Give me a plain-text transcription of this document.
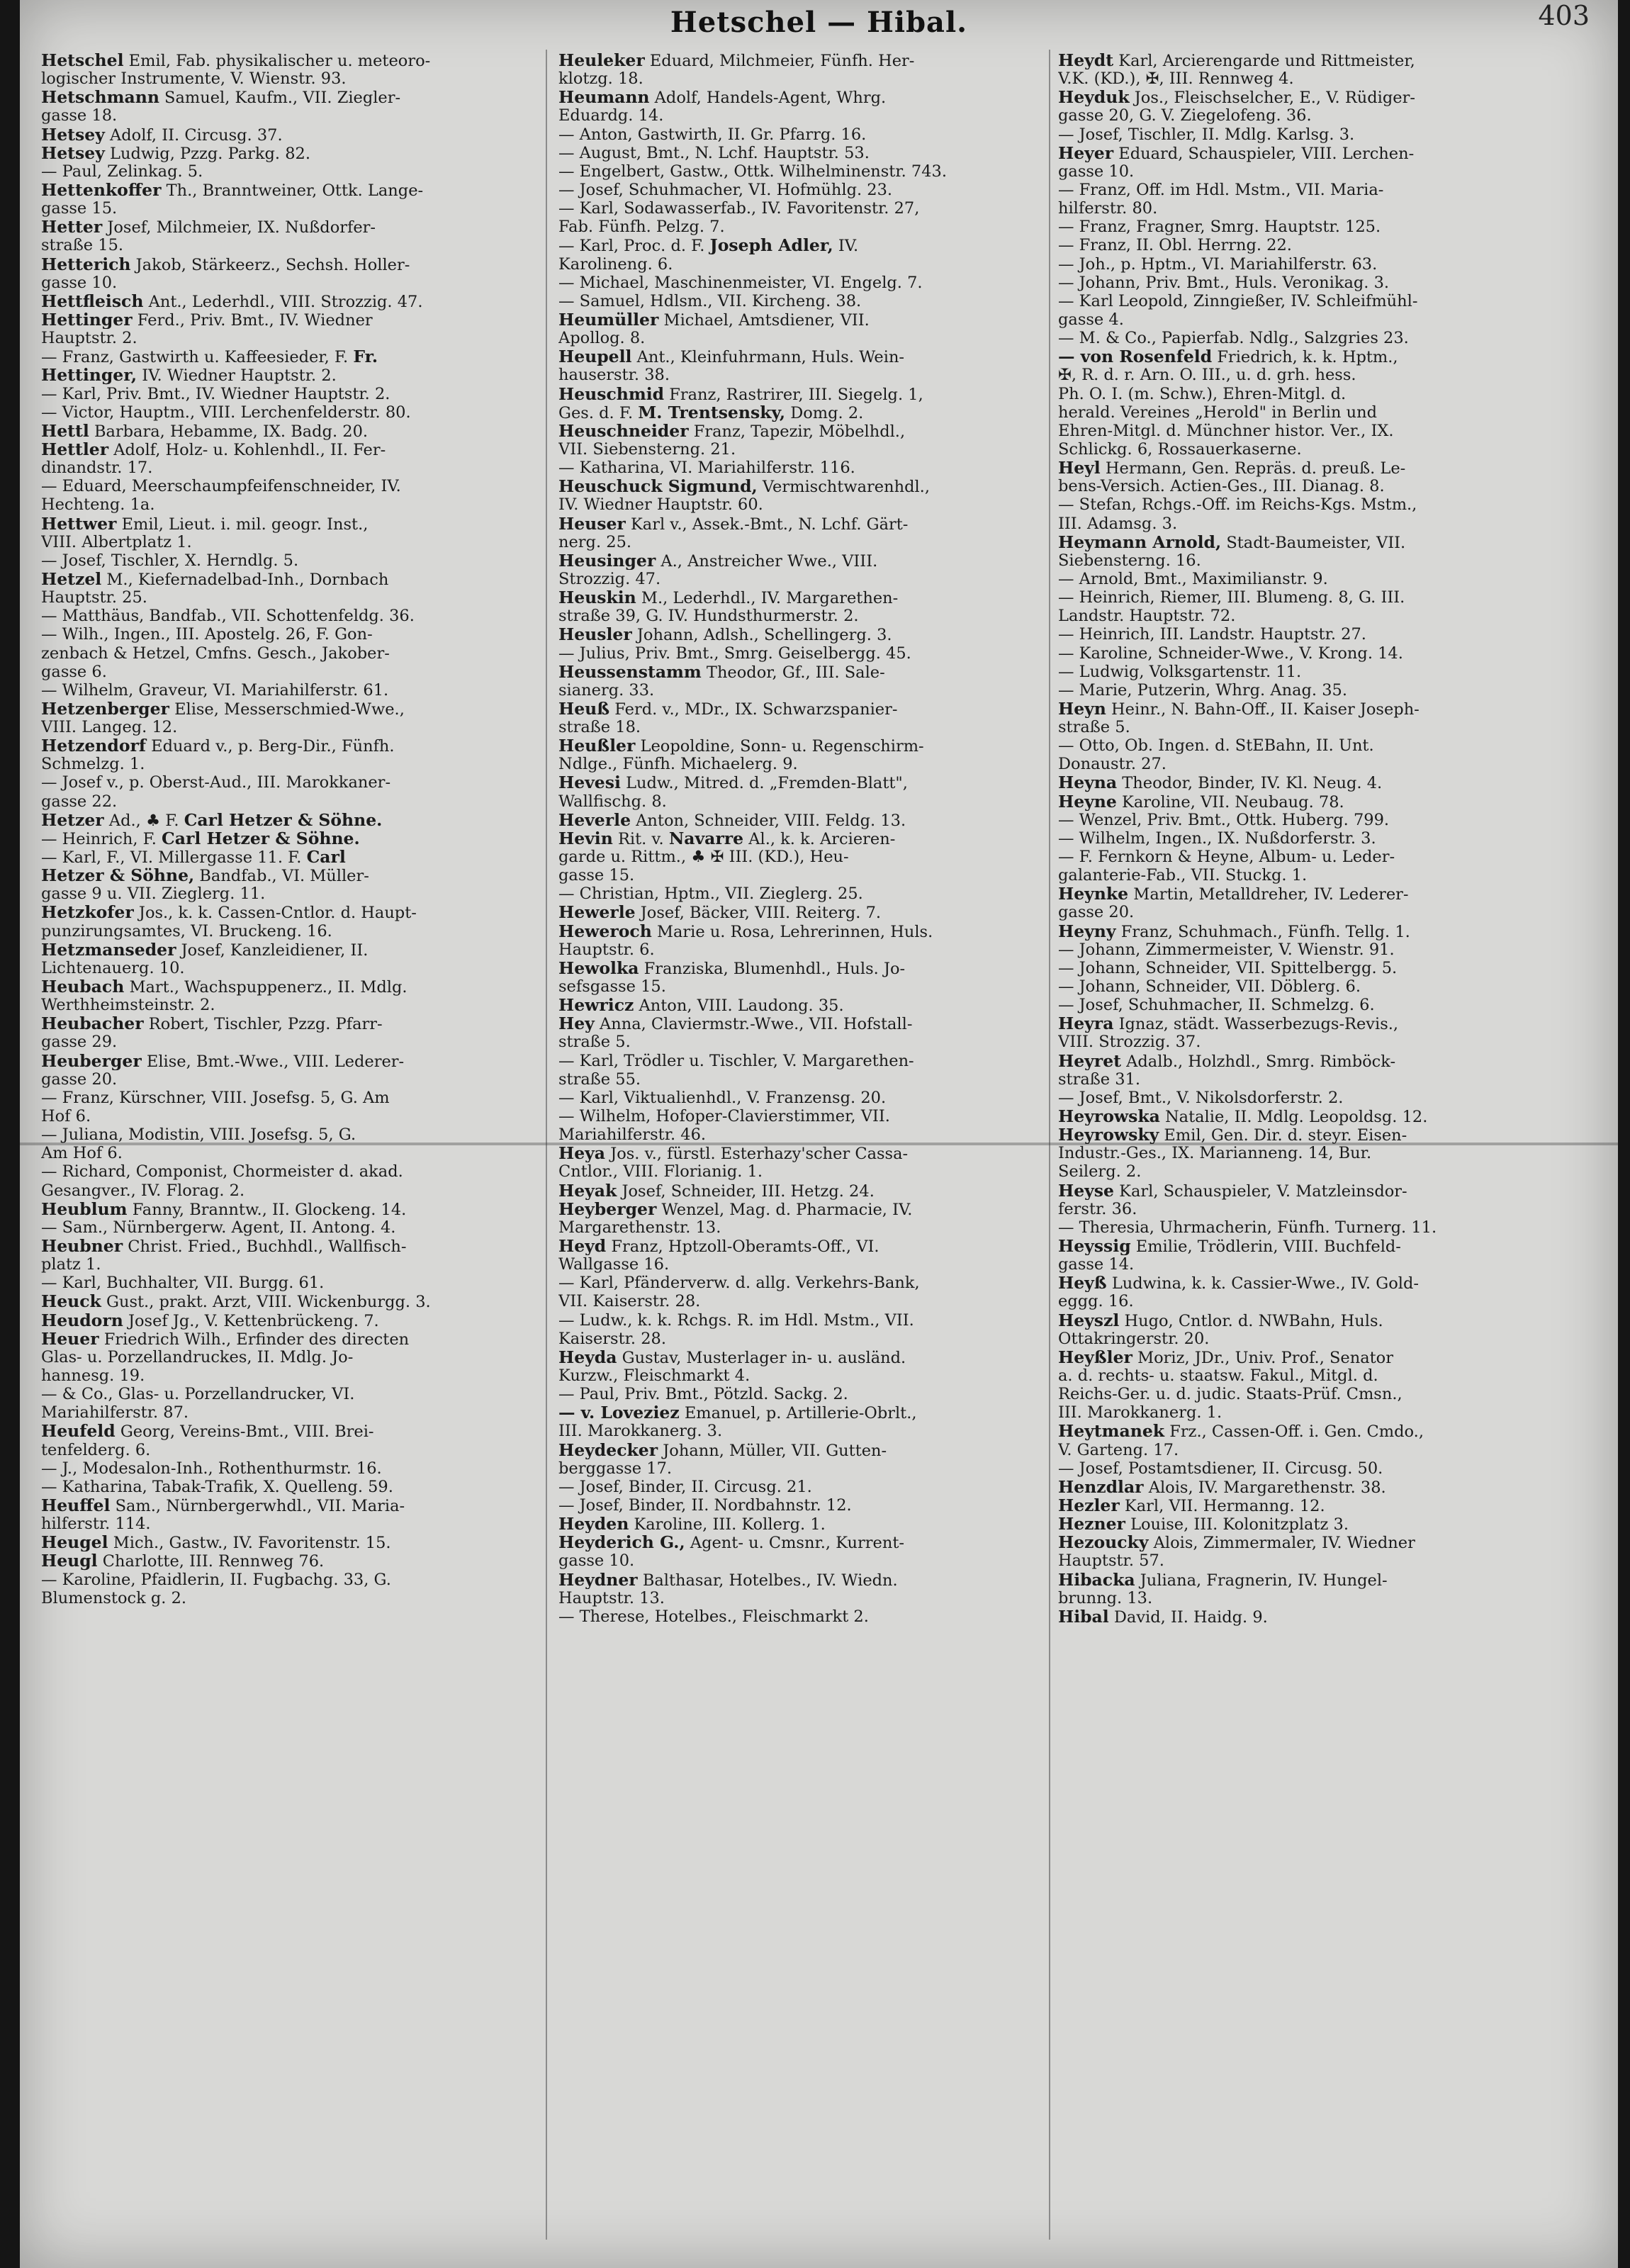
Hetschel — Hibal.	403

Hetschel Emil, Fab. physikalischer u. meteoro-

logischer Instrumente, V. Wienstr. 93.

Hetschmann Samuel, Kaufm., VII. Ziegler-

gasse 18.

Hetsey Adolf, II. Circusg. 37.

Hetsey Ludwig, Pzzg. Parkg. 82.

— Paul, Zelinkag. 5.

Hettenkoffer Th., Branntweiner, Ottk. Lange-

gasse 15.

Hetter Josef, Milchmeier, IX. Nußdorfer-

straße 15.

Hetterich Jakob, Stärkeerz., Sechsh. Holler-

gasse 10.

Hettfleisch Ant., Lederhdl., VIII. Strozzig. 47.

Hettinger Ferd., Priv. Bmt., IV. Wiedner

Hauptstr. 2.

— Franz, Gastwirth u. Kaffeesieder, F. Fr.

Hettinger, IV. Wiedner Hauptstr. 2.

— Karl, Priv. Bmt., IV. Wiedner Hauptstr. 2.

— Victor, Hauptm., VIII. Lerchenfelderstr. 80.

Hettl Barbara, Hebamme, IX. Badg. 20.

Hettler Adolf, Holz- u. Kohlenhdl., II. Fer-

dinandstr. 17.

— Eduard, Meerschaumpfeifenschneider, IV.

Hechteng. 1a.

Hettwer Emil, Lieut. i. mil. geogr. Inst.,

VIII. Albertplatz 1.

— Josef, Tischler, X. Herndlg. 5.

Hetzel M., Kiefernadelbad-Inh., Dornbach

Hauptstr. 25.

— Matthäus, Bandfab., VII. Schottenfeldg. 36.

— Wilh., Ingen., III. Apostelg. 26, F. Gon-

zenbach & Hetzel, Cmfns. Gesch., Jakober-

gasse 6.

— Wilhelm, Graveur, VI. Mariahilferstr. 61.

Hetzenberger Elise, Messerschmied-Wwe.,

VIII. Langeg. 12.

Hetzendorf Eduard v., p. Berg-Dir., Fünfh.

Schmelzg. 1.

— Josef v., p. Oberst-Aud., III. Marokkaner-

gasse 22.

Hetzer Ad., ♣ F. Carl Hetzer & Söhne.

— Heinrich, F. Carl Hetzer & Söhne.

— Karl, F., VI. Millergasse 11. F. Carl

Hetzer & Söhne, Bandfab., VI. Müller-

gasse 9 u. VII. Zieglerg. 11.

Hetzkofer Jos., k. k. Cassen-Cntlor. d. Haupt-

punzirungsamtes, VI. Bruckeng. 16.

Hetzmanseder Josef, Kanzleidiener, II.

Lichtenauerg. 10.

Heubach Mart., Wachspuppenerz., II. Mdlg.

Werthheimsteinstr. 2.

Heubacher Robert, Tischler, Pzzg. Pfarr-

gasse 29.

Heuberger Elise, Bmt.-Wwe., VIII. Lederer-

gasse 20.

— Franz, Kürschner, VIII. Josefsg. 5, G. Am

Hof 6.

— Juliana, Modistin, VIII. Josefsg. 5, G.

Am Hof 6.

— Richard, Componist, Chormeister d. akad.

Gesangver., IV. Florag. 2.

Heublum Fanny, Branntw., II. Glockeng. 14.

— Sam., Nürnbergerw. Agent, II. Antong. 4.

Heubner Christ. Fried., Buchhdl., Wallfisch-

platz 1.

— Karl, Buchhalter, VII. Burgg. 61.

Heuck Gust., prakt. Arzt, VIII. Wickenburgg. 3.

Heudorn Josef Jg., V. Kettenbrückeng. 7.

Heuer Friedrich Wilh., Erfinder des directen

Glas- u. Porzellandruckes, II. Mdlg. Jo-

hannesg. 19.

— & Co., Glas- u. Porzellandrucker, VI.

Mariahilferstr. 87.

Heufeld Georg, Vereins-Bmt., VIII. Brei-

tenfelderg. 6.

— J., Modesalon-Inh., Rothenthurmstr. 16.

— Katharina, Tabak-Trafik, X. Quelleng. 59.

Heuffel Sam., Nürnbergerwhdl., VII. Maria-

hilferstr. 114.

Heugel Mich., Gastw., IV. Favoritenstr. 15.

Heugl Charlotte, III. Rennweg 76.

— Karoline, Pfaidlerin, II. Fugbachg. 33, G.

Blumenstock g. 2.

Heuleker Eduard, Milchmeier, Fünfh. Her-

klotzg. 18.

Heumann Adolf, Handels-Agent, Whrg.

Eduardg. 14.

— Anton, Gastwirth, II. Gr. Pfarrg. 16.

— August, Bmt., N. Lchf. Hauptstr. 53.

— Engelbert, Gastw., Ottk. Wilhelminenstr. 743.

— Josef, Schuhmacher, VI. Hofmühlg. 23.

— Karl, Sodawasserfab., IV. Favoritenstr. 27,

Fab. Fünfh. Pelzg. 7.

— Karl, Proc. d. F. Joseph Adler, IV.

Karolineng. 6.

— Michael, Maschinenmeister, VI. Engelg. 7.

— Samuel, Hdlsm., VII. Kircheng. 38.

Heumüller Michael, Amtsdiener, VII.

Apollog. 8.

Heupell Ant., Kleinfuhrmann, Huls. Wein-

hauserstr. 38.

Heuschmid Franz, Rastrirer, III. Siegelg. 1,

Ges. d. F. M. Trentsensky, Domg. 2.

Heuschneider Franz, Tapezir, Möbelhdl.,

VII. Siebensterng. 21.

— Katharina, VI. Mariahilferstr. 116.

Heuschuck Sigmund, Vermischtwarenhdl.,

IV. Wiedner Hauptstr. 60.

Heuser Karl v., Assek.-Bmt., N. Lchf. Gärt-

nerg. 25.

Heusinger A., Anstreicher Wwe., VIII.

Strozzig. 47.

Heuskin M., Lederhdl., IV. Margarethen-

straße 39, G. IV. Hundsthurmerstr. 2.

Heusler Johann, Adlsh., Schellingerg. 3.

— Julius, Priv. Bmt., Smrg. Geiselbergg. 45.

Heussenstamm Theodor, Gf., III. Sale-

sianerg. 33.

Heuß Ferd. v., MDr., IX. Schwarzspanier-

straße 18.

Heußler Leopoldine, Sonn- u. Regenschirm-

Ndlge., Fünfh. Michaelerg. 9.

Hevesi Ludw., Mitred. d. „Fremden-Blatt",

Wallfischg. 8.

Heverle Anton, Schneider, VIII. Feldg. 13.

Hevin Rit. v. Navarre Al., k. k. Arcieren-

garde u. Rittm., ♣ ✠ III. (KD.), Heu-

gasse 15.

— Christian, Hptm., VII. Zieglerg. 25.

Hewerle Josef, Bäcker, VIII. Reiterg. 7.

Heweroch Marie u. Rosa, Lehrerinnen, Huls.

Hauptstr. 6.

Hewolka Franziska, Blumenhdl., Huls. Jo-

sefsgasse 15.

Hewricz Anton, VIII. Laudong. 35.

Hey Anna, Claviermstr.-Wwe., VII. Hofstall-

straße 5.

— Karl, Trödler u. Tischler, V. Margarethen-

straße 55.

— Karl, Viktualienhdl., V. Franzensg. 20.

— Wilhelm, Hofoper-Clavierstimmer, VII.

Mariahilferstr. 46.

Heya Jos. v., fürstl. Esterhazy'scher Cassa-

Cntlor., VIII. Florianig. 1.

Heyak Josef, Schneider, III. Hetzg. 24.

Heyberger Wenzel, Mag. d. Pharmacie, IV.

Margarethenstr. 13.

Heyd Franz, Hptzoll-Oberamts-Off., VI.

Wallgasse 16.

— Karl, Pfänderverw. d. allg. Verkehrs-Bank,

VII. Kaiserstr. 28.

— Ludw., k. k. Rchgs. R. im Hdl. Mstm., VII.

Kaiserstr. 28.

Heyda Gustav, Musterlager in- u. ausländ.

Kurzw., Fleischmarkt 4.

— Paul, Priv. Bmt., Pötzld. Sackg. 2.

— v. Loveziez Emanuel, p. Artillerie-Obrlt.,

III. Marokkanerg. 3.

Heydecker Johann, Müller, VII. Gutten-

berggasse 17.

— Josef, Binder, II. Circusg. 21.

— Josef, Binder, II. Nordbahnstr. 12.

Heyden Karoline, III. Kollerg. 1.

Heyderich G., Agent- u. Cmsnr., Kurrent-

gasse 10.

Heydner Balthasar, Hotelbes., IV. Wiedn.

Hauptstr. 13.

— Therese, Hotelbes., Fleischmarkt 2.

Heydt Karl, Arcierengarde und Rittmeister,

V.K. (KD.), ✠, III. Rennweg 4.

Heyduk Jos., Fleischselcher, E., V. Rüdiger-

gasse 20, G. V. Ziegelofeng. 36.

— Josef, Tischler, II. Mdlg. Karlsg. 3.

Heyer Eduard, Schauspieler, VIII. Lerchen-

gasse 10.

— Franz, Off. im Hdl. Mstm., VII. Maria-

hilferstr. 80.

— Franz, Fragner, Smrg. Hauptstr. 125.

— Franz, II. Obl. Herrng. 22.

— Joh., p. Hptm., VI. Mariahilferstr. 63.

— Johann, Priv. Bmt., Huls. Veronikag. 3.

— Karl Leopold, Zinngießer, IV. Schleifmühl-

gasse 4.

— M. & Co., Papierfab. Ndlg., Salzgries 23.

— von Rosenfeld Friedrich, k. k. Hptm.,

✠, R. d. r. Arn. O. III., u. d. grh. hess.

Ph. O. I. (m. Schw.), Ehren-Mitgl. d.

herald. Vereines „Herold" in Berlin und

Ehren-Mitgl. d. Münchner histor. Ver., IX.

Schlickg. 6, Rossauerkaserne.

Heyl Hermann, Gen. Repräs. d. preuß. Le-

bens-Versich. Actien-Ges., III. Dianag. 8.

— Stefan, Rchgs.-Off. im Reichs-Kgs. Mstm.,

III. Adamsg. 3.

Heymann Arnold, Stadt-Baumeister, VII.

Siebensterng. 16.

— Arnold, Bmt., Maximilianstr. 9.

— Heinrich, Riemer, III. Blumeng. 8, G. III.

Landstr. Hauptstr. 72.

— Heinrich, III. Landstr. Hauptstr. 27.

— Karoline, Schneider-Wwe., V. Krong. 14.

— Ludwig, Volksgartenstr. 11.

— Marie, Putzerin, Whrg. Anag. 35.

Heyn Heinr., N. Bahn-Off., II. Kaiser Joseph-

straße 5.

— Otto, Ob. Ingen. d. StEBahn, II. Unt.

Donaustr. 27.

Heyna Theodor, Binder, IV. Kl. Neug. 4.

Heyne Karoline, VII. Neubaug. 78.

— Wenzel, Priv. Bmt., Ottk. Huberg. 799.

— Wilhelm, Ingen., IX. Nußdorferstr. 3.

— F. Fernkorn & Heyne, Album- u. Leder-

galanterie-Fab., VII. Stuckg. 1.

Heynke Martin, Metalldreher, IV. Lederer-

gasse 20.

Heyny Franz, Schuhmach., Fünfh. Tellg. 1.

— Johann, Zimmermeister, V. Wienstr. 91.

— Johann, Schneider, VII. Spittelbergg. 5.

— Johann, Schneider, VII. Döblerg. 6.

— Josef, Schuhmacher, II. Schmelzg. 6.

Heyra Ignaz, städt. Wasserbezugs-Revis.,

VIII. Strozzig. 37.

Heyret Adalb., Holzhdl., Smrg. Rimböck-

straße 31.

— Josef, Bmt., V. Nikolsdorferstr. 2.

Heyrowska Natalie, II. Mdlg. Leopoldsg. 12.

Heyrowsky Emil, Gen. Dir. d. steyr. Eisen-

Industr.-Ges., IX. Marianneng. 14, Bur.

Seilerg. 2.

Heyse Karl, Schauspieler, V. Matzleinsdor-

ferstr. 36.

— Theresia, Uhrmacherin, Fünfh. Turnerg. 11.

Heyssig Emilie, Trödlerin, VIII. Buchfeld-

gasse 14.

Heyß Ludwina, k. k. Cassier-Wwe., IV. Gold-

eggg. 16.

Heyszl Hugo, Cntlor. d. NWBahn, Huls.

Ottakringerstr. 20.

Heyßler Moriz, JDr., Univ. Prof., Senator

a. d. rechts- u. staatsw. Fakul., Mitgl. d.

Reichs-Ger. u. d. judic. Staats-Prüf. Cmsn.,

III. Marokkanerg. 1.

Heytmanek Frz., Cassen-Off. i. Gen. Cmdo.,

V. Garteng. 17.

— Josef, Postamtsdiener, II. Circusg. 50.

Henzdlar Alois, IV. Margarethenstr. 38.

Hezler Karl, VII. Hermanng. 12.

Hezner Louise, III. Kolonitzplatz 3.

Hezoucky Alois, Zimmermaler, IV. Wiedner

Hauptstr. 57.

Hibacka Juliana, Fragnerin, IV. Hungel-

brunng. 13.

Hibal David, II. Haidg. 9.
